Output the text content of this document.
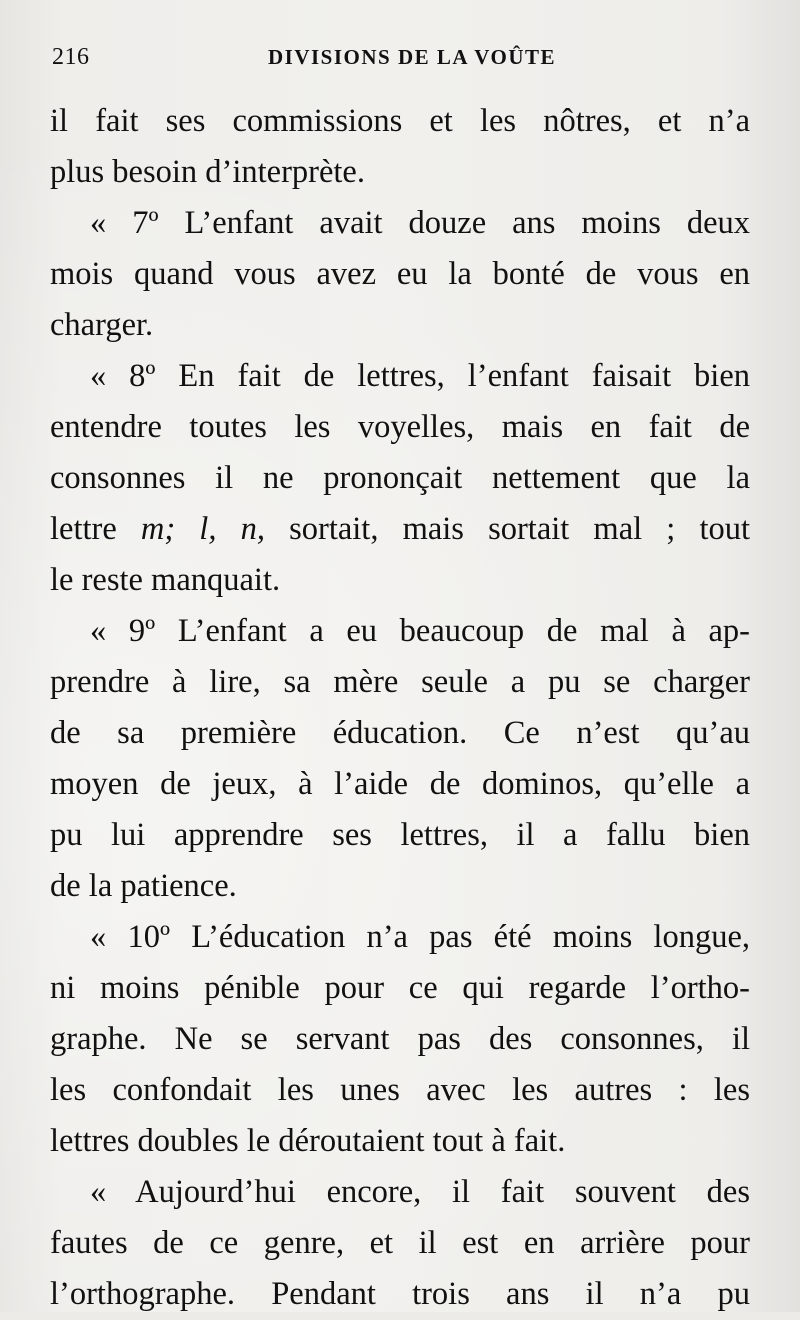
216	DIVISIONS DE LA VOÛTE
il fait ses commissions et les nôtres, et n’a
plus besoin d’interprète.
« 7º L’enfant avait douze ans moins deux
mois quand vous avez eu la bonté de vous en
charger.
« 8º En fait de lettres, l’enfant faisait bien
entendre toutes les voyelles, mais en fait de
consonnes il ne prononçait nettement que la
lettre m; l, n, sortait, mais sortait mal ; tout
le reste manquait.
« 9º L’enfant a eu beaucoup de mal à ap-
prendre à lire, sa mère seule a pu se charger
de sa première éducation. Ce n’est qu’au
moyen de jeux, à l’aide de dominos, qu’elle a
pu lui apprendre ses lettres, il a fallu bien
de la patience.
« 10º L’éducation n’a pas été moins longue,
ni moins pénible pour ce qui regarde l’ortho-
graphe. Ne se servant pas des consonnes, il
les confondait les unes avec les autres : les
lettres doubles le déroutaient tout à fait.
« Aujourd’hui encore, il fait souvent des
fautes de ce genre, et il est en arrière pour
l’orthographe. Pendant trois ans il n’a pu
